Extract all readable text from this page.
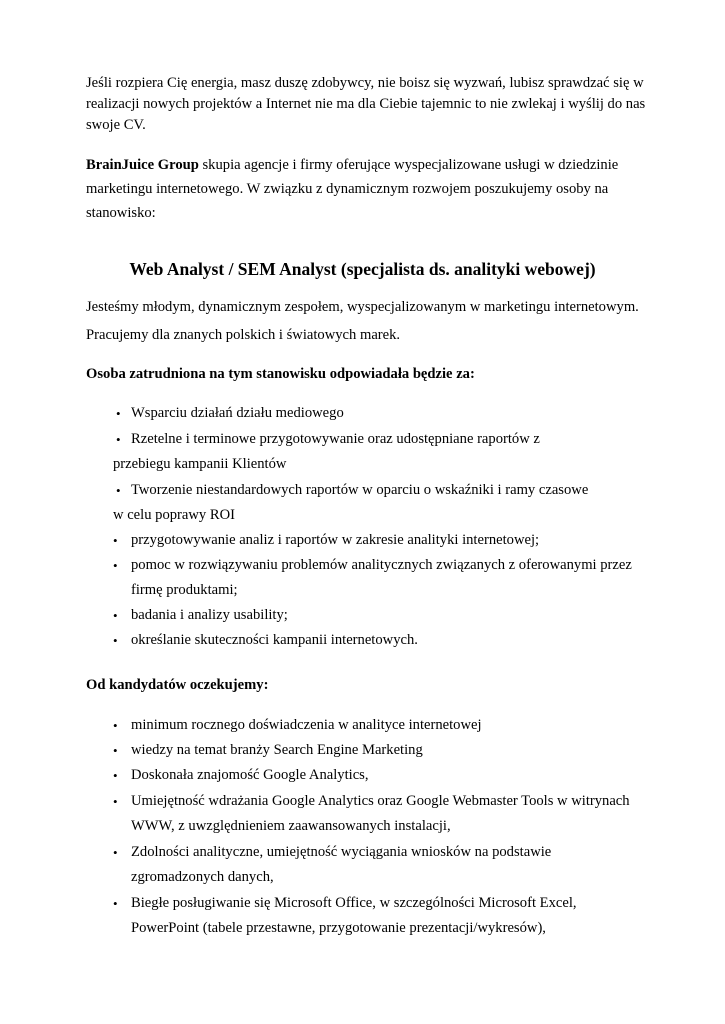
Jeśli rozpiera Cię energia, masz duszę zdobywcy, nie boisz się wyzwań, lubisz sprawdzać się w realizacji nowych projektów a Internet nie ma dla Ciebie tajemnic to nie zwlekaj i wyślij do nas swoje CV.
BrainJuice Group skupia agencje i firmy oferujące wyspecjalizowane usługi w dziedzinie marketingu internetowego. W związku z dynamicznym rozwojem poszukujemy osoby na stanowisko:
Web Analyst / SEM Analyst (specjalista ds. analityki webowej)
Jesteśmy młodym, dynamicznym zespołem, wyspecjalizowanym w marketingu internetowym. Pracujemy dla znanych polskich i światowych marek.
Osoba zatrudniona na tym stanowisku odpowiadała będzie za:
• Wsparciu działań działu mediowego
• Rzetelne i terminowe przygotowywanie oraz udostępniane raportów z
przebiegu kampanii Klientów
• Tworzenie niestandardowych raportów w oparciu o wskaźniki i ramy czasowe
w celu poprawy ROI
• przygotowywanie analiz i raportów w zakresie analityki internetowej;
• pomoc w rozwiązywaniu problemów analitycznych związanych z oferowanymi przez
firmę produktami;
• badania i analizy usability;
• określanie skuteczności kampanii internetowych.
Od kandydatów oczekujemy:
• minimum rocznego doświadczenia w analityce internetowej
• wiedzy na temat branży Search Engine Marketing
• Doskonała znajomość Google Analytics,
• Umiejętność wdrażania Google Analytics oraz Google Webmaster Tools w witrynach
WWW, z uwzględnieniem zaawansowanych instalacji,
• Zdolności analityczne, umiejętność wyciągania wniosków na podstawie
zgromadzonych danych,
• Biegłe posługiwanie się Microsoft Office, w szczególności Microsoft Excel,
PowerPoint (tabele przestawne, przygotowanie prezentacji/wykresów),
